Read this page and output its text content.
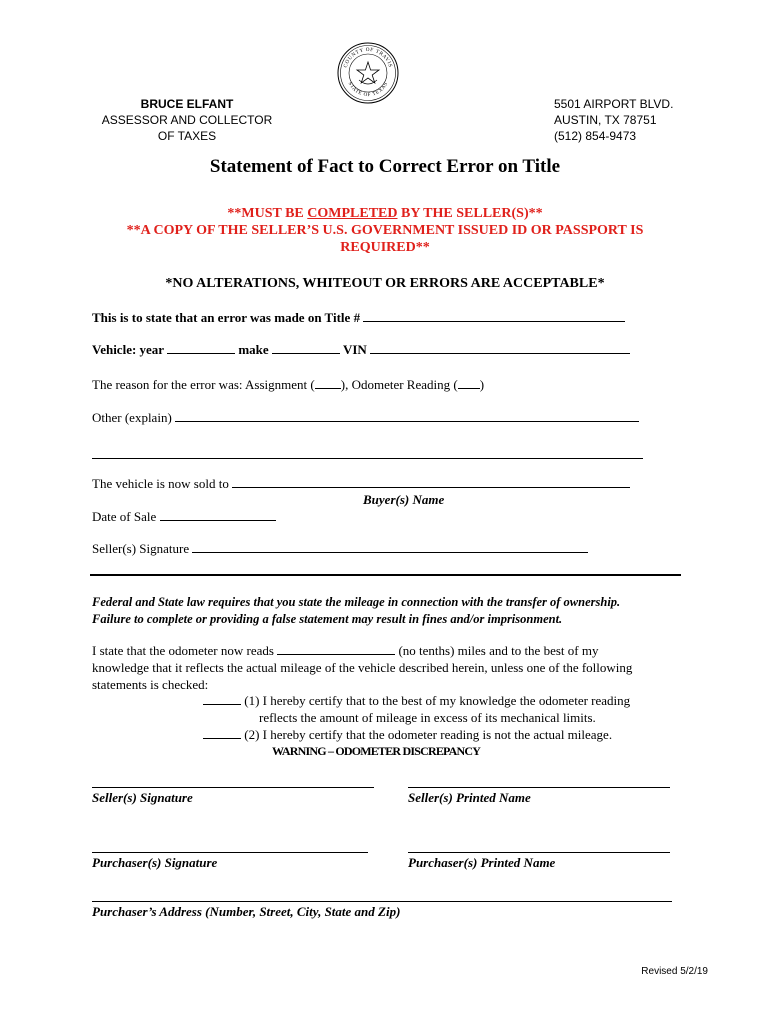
COUNTY OF TRAVIS
STATE OF TEXAS
BRUCE ELFANT
ASSESSOR AND COLLECTOR
OF TAXES
5501 AIRPORT BLVD.
AUSTIN, TX 78751
(512) 854-9473
Statement of Fact to Correct Error on Title
**MUST BE COMPLETED BY THE SELLER(S)**
**A COPY OF THE SELLER’S U.S. GOVERNMENT ISSUED ID OR PASSPORT IS
REQUIRED**
*NO ALTERATIONS, WHITEOUT OR ERRORS ARE ACCEPTABLE*
This is to state that an error was made on Title #
Vehicle: year	make	VIN
The reason for the error was: Assignment ( ), Odometer Reading ( )
Other (explain)
The vehicle is now sold to
Buyer(s) Name
Date of Sale
Seller(s) Signature
Federal and State law requires that you state the mileage in connection with the transfer of ownership.
Failure to complete or providing a false statement may result in fines and/or imprisonment.
I state that the odometer now reads	(no tenths) miles and to the best of my
knowledge that it reflects the actual mileage of the vehicle described herein, unless one of the following
statements is checked:
(1) I hereby certify that to the best of my knowledge the odometer reading
reflects the amount of mileage in excess of its mechanical limits.
(2) I hereby certify that the odometer reading is not the actual mileage.
WARNING – ODOMETER DISCREPANCY
Seller(s) Signature	Seller(s) Printed Name
Purchaser(s) Signature	Purchaser(s) Printed Name
Purchaser’s Address (Number, Street, City, State and Zip)
Revised 5/2/19
